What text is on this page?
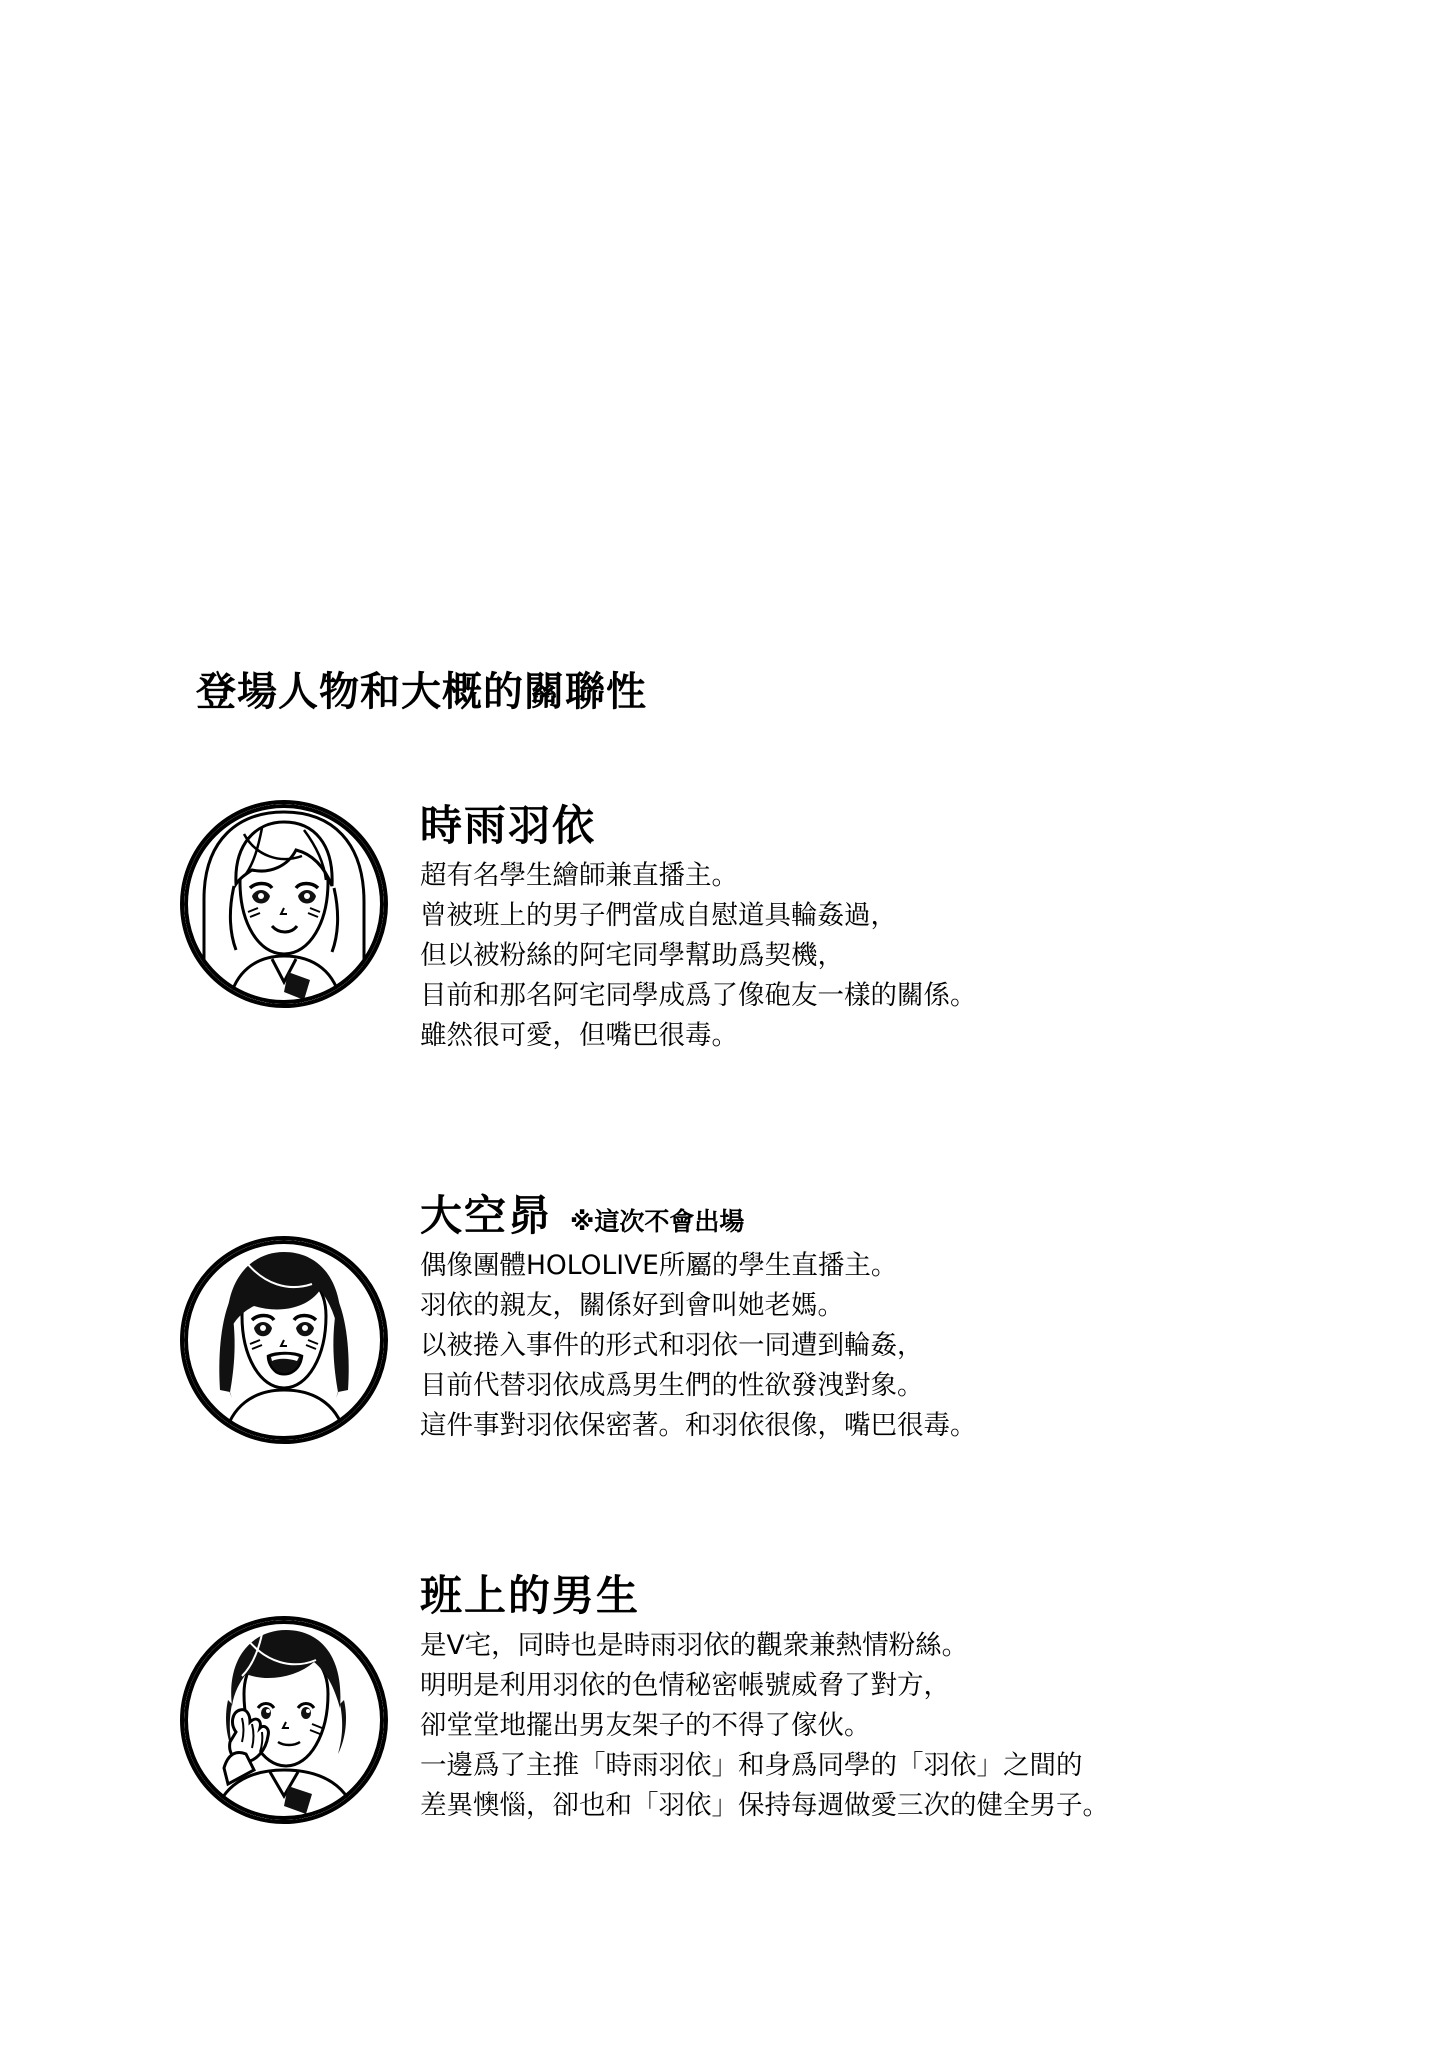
登場人物和大概的關聯性
時雨羽依
超有名學生繪師兼直播主。
曾被班上的男子們當成自慰道具輪姦過，
但以被粉絲的阿宅同學幫助爲契機，
目前和那名阿宅同學成爲了像砲友一樣的關係。
雖然很可愛，但嘴巴很毒。
大空昴 ※這次不會出場
偶像團體HOLOLIVE所屬的學生直播主。
羽依的親友，關係好到會叫她老媽。
以被捲入事件的形式和羽依一同遭到輪姦，
目前代替羽依成爲男生們的性欲發洩對象。
這件事對羽依保密著。和羽依很像，嘴巴很毒。
班上的男生
是V宅，同時也是時雨羽依的觀衆兼熱情粉絲。
明明是利用羽依的色情秘密帳號威脅了對方，
卻堂堂地擺出男友架子的不得了傢伙。
一邊爲了主推「時雨羽依」和身爲同學的「羽依」之間的
差異懊惱，卻也和「羽依」保持每週做愛三次的健全男子。
